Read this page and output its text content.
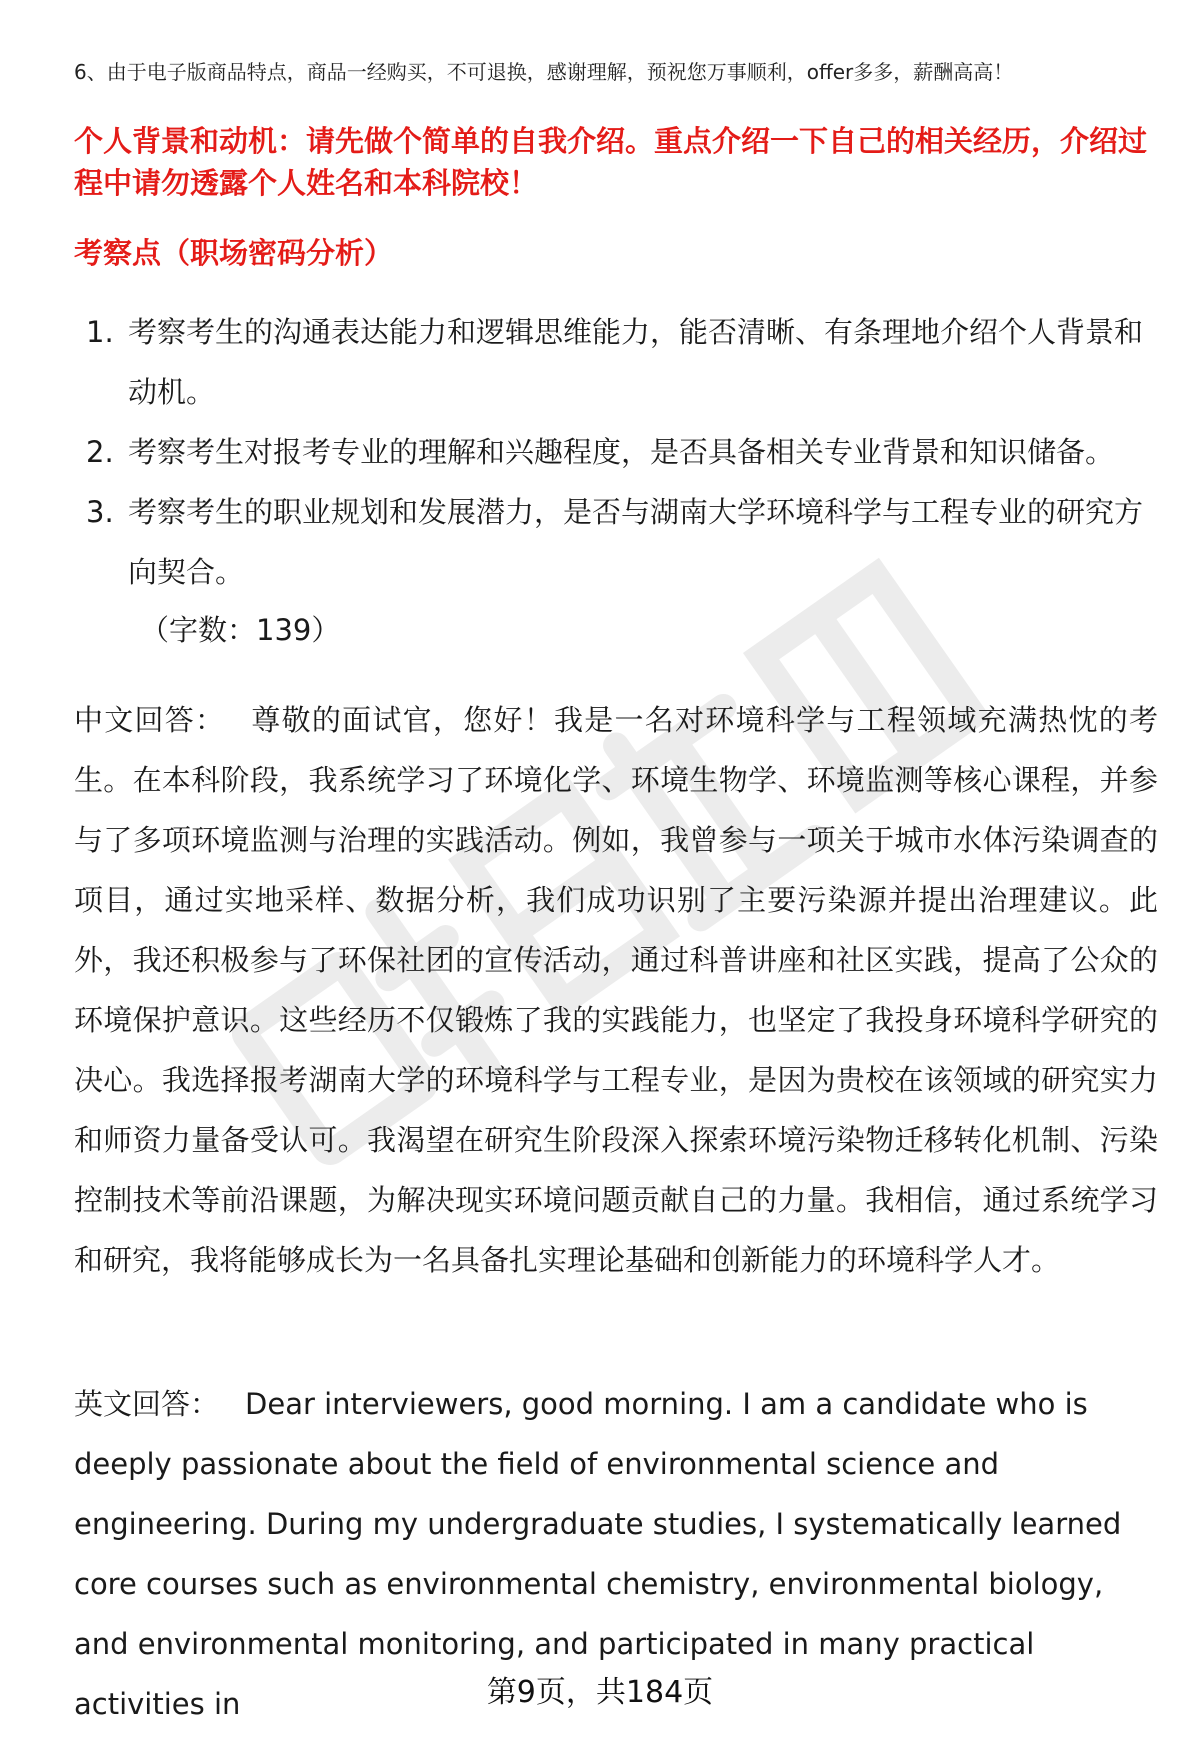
6、由于电子版商品特点，商品一经购买，不可退换，感谢理解，预祝您万事顺利，offer多多，薪酬高高！
个人背景和动机：请先做个简单的自我介绍。重点介绍一下自己的相关经历，介绍过程中请勿透露个人姓名和本科院校！
考察点（职场密码分析）
1. 考察考生的沟通表达能力和逻辑思维能力，能否清晰、有条理地介绍个人背景和动机。
2. 考察考生对报考专业的理解和兴趣程度，是否具备相关专业背景和知识储备。
3. 考察考生的职业规划和发展潜力，是否与湖南大学环境科学与工程专业的研究方向契合。
（字数：139）

中文回答： 尊敬的面试官，您好！我是一名对环境科学与工程领域充满热忱的考生。在本科阶段，我系统学习了环境化学、环境生物学、环境监测等核心课程，并参与了多项环境监测与治理的实践活动。例如，我曾参与一项关于城市水体污染调查的项目，通过实地采样、数据分析，我们成功识别了主要污染源并提出治理建议。此外，我还积极参与了环保社团的宣传活动，通过科普讲座和社区实践，提高了公众的环境保护意识。这些经历不仅锻炼了我的实践能力，也坚定了我投身环境科学研究的决心。我选择报考湖南大学的环境科学与工程专业，是因为贵校在该领域的研究实力和师资力量备受认可。我渴望在研究生阶段深入探索环境污染物迁移转化机制、污染控制技术等前沿课题，为解决现实环境问题贡献自己的力量。我相信，通过系统学习和研究，我将能够成长为一名具备扎实理论基础和创新能力的环境科学人才。

英文回答： Dear interviewers, good morning. I am a candidate who is deeply passionate about the field of environmental science and engineering. During my undergraduate studies, I systematically learned core courses such as environmental chemistry, environmental biology, and environmental monitoring, and participated in many practical activities in	第9页，共184页
